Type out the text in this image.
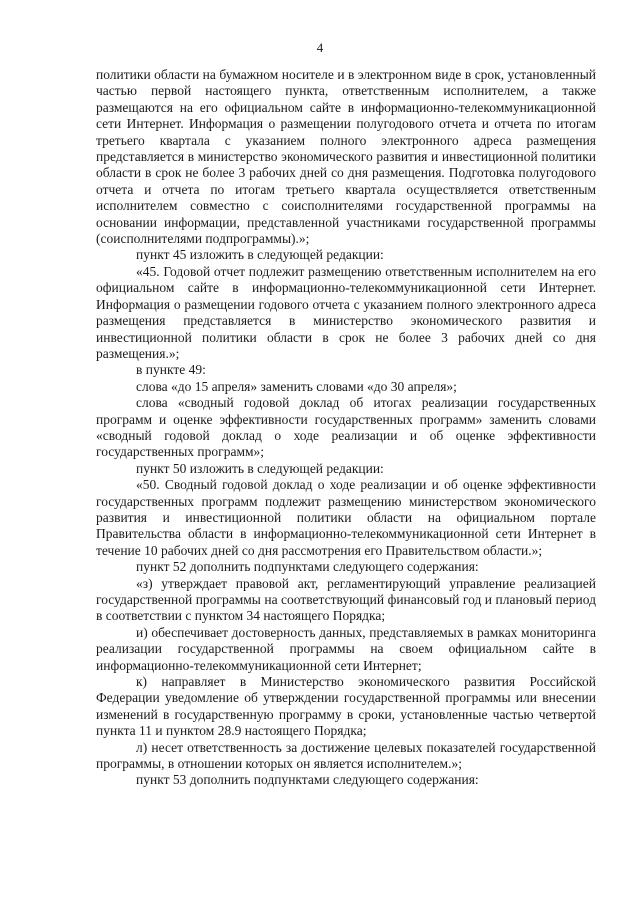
4

политики области на бумажном носителе и в электронном виде в срок, установленный частью первой настоящего пункта, ответственным исполнителем, а также размещаются на его официальном сайте в информационно-телекоммуникационной сети Интернет. Информация о размещении полугодового отчета и отчета по итогам третьего квартала с указанием полного электронного адреса размещения представляется в министерство экономического развития и инвестиционной политики области в срок не более 3 рабочих дней со дня размещения. Подготовка полугодового отчета и отчета по итогам третьего квартала осуществляется ответственным исполнителем совместно с соисполнителями государственной программы на основании информации, представленной участниками государственной программы (соисполнителями подпрограммы).»;

пункт 45 изложить в следующей редакции:

«45. Годовой отчет подлежит размещению ответственным исполнителем на его официальном сайте в информационно-телекоммуникационной сети Интернет. Информация о размещении годового отчета с указанием полного электронного адреса размещения представляется в министерство экономического развития и инвестиционной политики области в срок не более 3 рабочих дней со дня размещения.»;

в пункте 49:

слова «до 15 апреля» заменить словами «до 30 апреля»;

слова «сводный годовой доклад об итогах реализации государственных программ и оценке эффективности государственных программ» заменить словами «сводный годовой доклад о ходе реализации и об оценке эффективности государственных программ»;

пункт 50 изложить в следующей редакции:

«50. Сводный годовой доклад о ходе реализации и об оценке эффективности государственных программ подлежит размещению министерством экономического развития и инвестиционной политики области на официальном портале Правительства области в информационно-телекоммуникационной сети Интернет в течение 10 рабочих дней со дня рассмотрения его Правительством области.»;

пункт 52 дополнить подпунктами следующего содержания:

«з) утверждает правовой акт, регламентирующий управление реализацией государственной программы на соответствующий финансовый год и плановый период в соответствии с пунктом 34 настоящего Порядка;

и) обеспечивает достоверность данных, представляемых в рамках мониторинга реализации государственной программы на своем официальном сайте в информационно-телекоммуникационной сети Интернет;

к) направляет в Министерство экономического развития Российской Федерации уведомление об утверждении государственной программы или внесении изменений в государственную программу в сроки, установленные частью четвертой пункта 11 и пунктом 28.9 настоящего Порядка;

л) несет ответственность за достижение целевых показателей государственной программы, в отношении которых он является исполнителем.»;

пункт 53 дополнить подпунктами следующего содержания:
